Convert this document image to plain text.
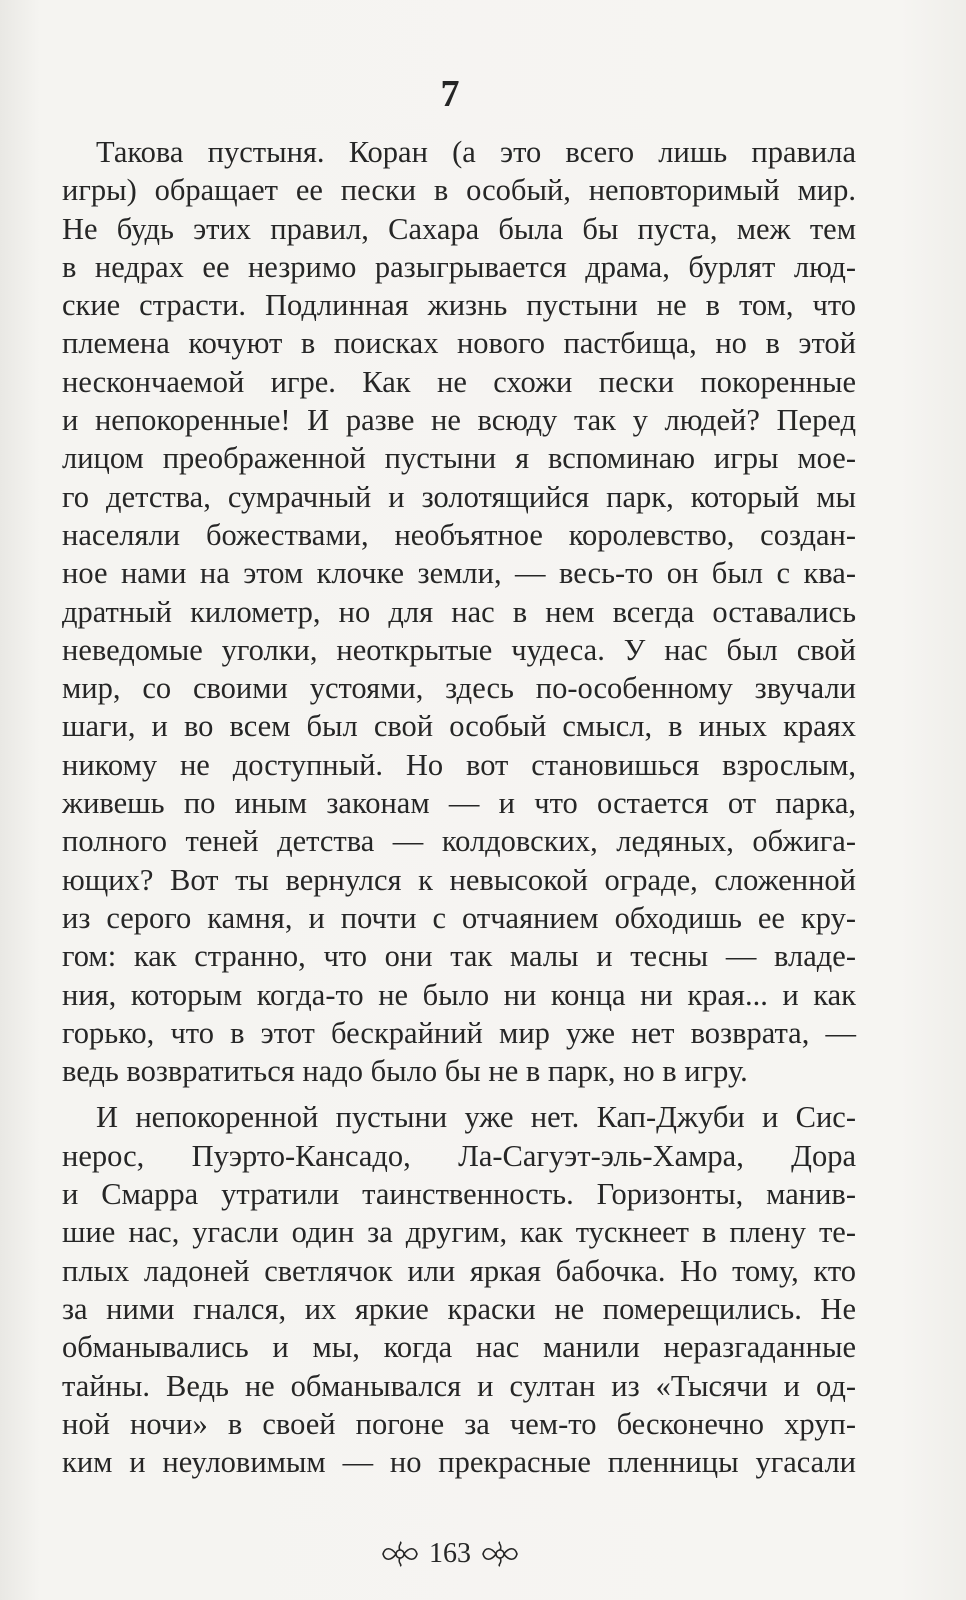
7
Такова пустыня. Коран (а это всего лишь правила
игры) обращает ее пески в особый, неповторимый мир.
Не будь этих правил, Сахара была бы пуста, меж тем
в недрах ее незримо разыгрывается драма, бурлят люд-
ские страсти. Подлинная жизнь пустыни не в том, что
племена кочуют в поисках нового пастбища, но в этой
нескончаемой игре. Как не схожи пески покоренные
и непокоренные! И разве не всюду так у людей? Перед
лицом преображенной пустыни я вспоминаю игры мое-
го детства, сумрачный и золотящийся парк, который мы
населяли божествами, необъятное королевство, создан-
ное нами на этом клочке земли, — весь-то он был с ква-
дратный километр, но для нас в нем всегда оставались
неведомые уголки, неоткрытые чудеса. У нас был свой
мир, со своими устоями, здесь по-особенному звучали
шаги, и во всем был свой особый смысл, в иных краях
никому не доступный. Но вот становишься взрослым,
живешь по иным законам — и что остается от парка,
полного теней детства — колдовских, ледяных, обжига-
ющих? Вот ты вернулся к невысокой ограде, сложенной
из серого камня, и почти с отчаянием обходишь ее кру-
гом: как странно, что они так малы и тесны — владе-
ния, которым когда-то не было ни конца ни края... и как
горько, что в этот бескрайний мир уже нет возврата, —
ведь возвратиться надо было бы не в парк, но в игру.
И непокоренной пустыни уже нет. Кап-Джуби и Сис-
нерос, Пуэрто-Кансадо, Ла-Сагуэт-эль-Хамра, Дора
и Смарра утратили таинственность. Горизонты, манив-
шие нас, угасли один за другим, как тускнеет в плену те-
плых ладоней светлячок или яркая бабочка. Но тому, кто
за ними гнался, их яркие краски не померещились. Не
обманывались и мы, когда нас манили неразгаданные
тайны. Ведь не обманывался и султан из «Тысячи и од-
ной ночи» в своей погоне за чем-то бесконечно хруп-
ким и неуловимым — но прекрасные пленницы угасали
163
